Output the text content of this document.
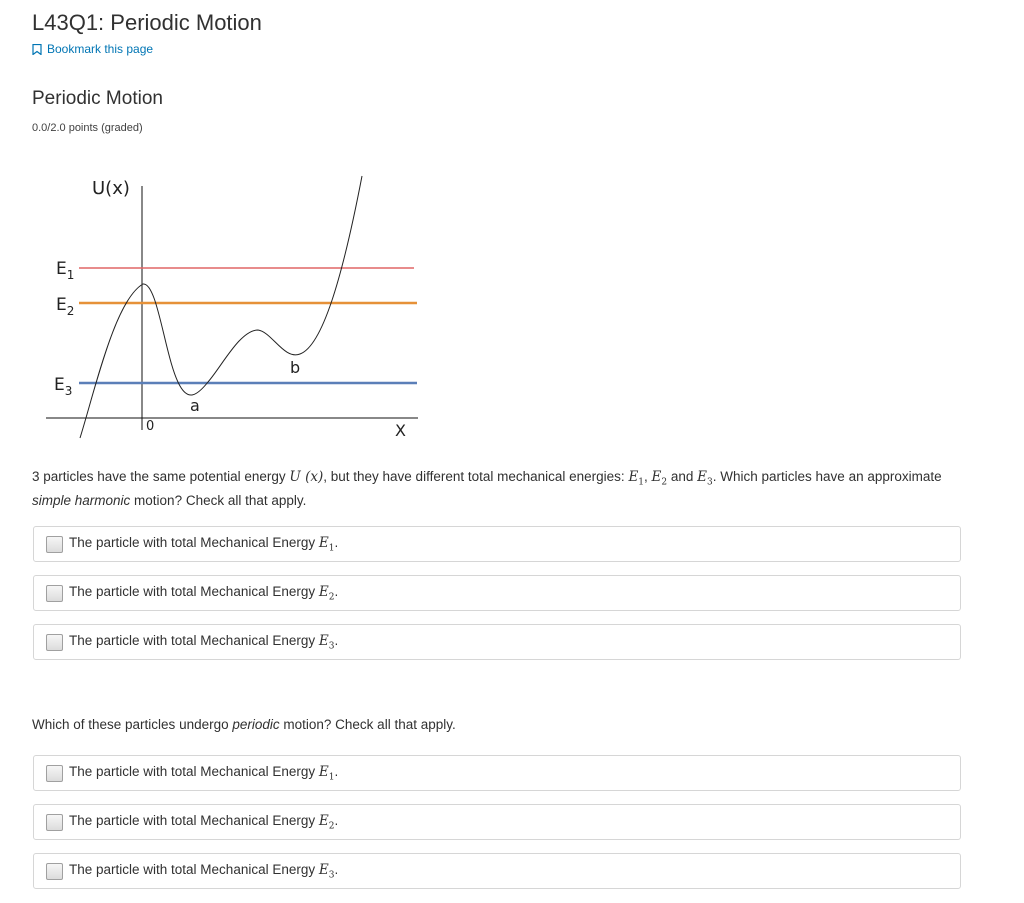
L43Q1: Periodic Motion
Bookmark this page
Periodic Motion
0.0/2.0 points (graded)
U(x)
X
0
$E_1$
$E_2$
$E_3$
a
b
3 particles have the same potential energy U (x), but they have different total mechanical energies: $E_1$, $E_2$ and $E_3$. Which particles have an approximate simple harmonic motion? Check all that apply.
The particle with total Mechanical Energy $E_1$.
The particle with total Mechanical Energy $E_2$.
The particle with total Mechanical Energy $E_3$.
Which of these particles undergo periodic motion? Check all that apply.
The particle with total Mechanical Energy $E_1$.
The particle with total Mechanical Energy $E_2$.
The particle with total Mechanical Energy $E_3$.
